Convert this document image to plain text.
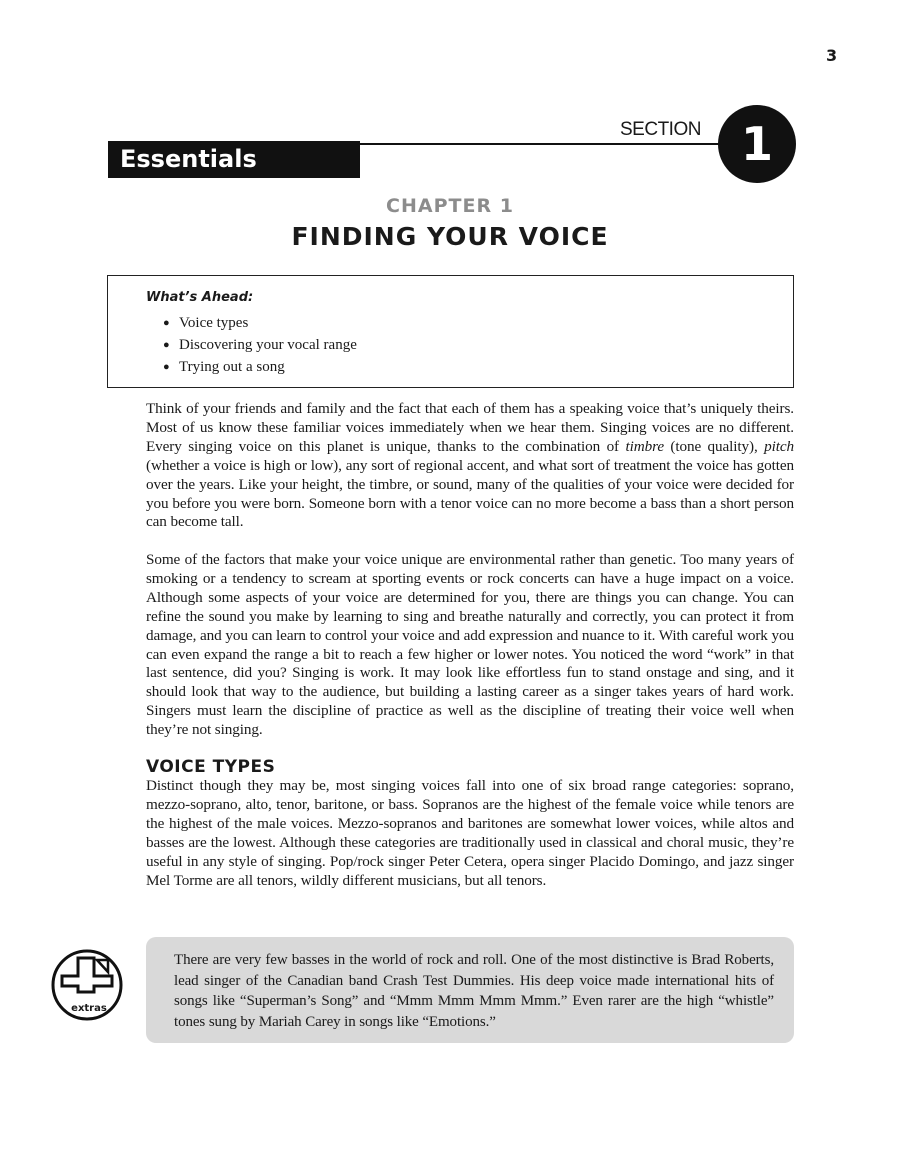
3
SECTION 1
Essentials
CHAPTER 1
FINDING YOUR VOICE
What’s Ahead:
● Voice types
● Discovering your vocal range
● Trying out a song

Think of your friends and family and the fact that each of them has a speaking voice that’s uniquely theirs. Most of us know these familiar voices immediately when we hear them. Singing voices are no different. Every singing voice on this planet is unique, thanks to the combination of timbre (tone quality), pitch (whether a voice is high or low), any sort of regional accent, and what sort of treatment the voice has gotten over the years. Like your height, the timbre, or sound, many of the qualities of your voice were decided for you before you were born. Someone born with a tenor voice can no more become a bass than a short person can become tall.

Some of the factors that make your voice unique are environmental rather than genetic. Too many years of smoking or a tendency to scream at sporting events or rock concerts can have a huge impact on a voice. Although some aspects of your voice are determined for you, there are things you can change. You can refine the sound you make by learning to sing and breathe naturally and correctly, you can protect it from damage, and you can learn to control your voice and add expression and nuance to it. With careful work you can even expand the range a bit to reach a few higher or lower notes. You noticed the word “work” in that last sentence, did you? Singing is work. It may look like effortless fun to stand onstage and sing, and it should look that way to the audience, but building a lasting career as a singer takes years of hard work. Singers must learn the discipline of practice as well as the discipline of treating their voice well when they’re not singing.

VOICE TYPES

Distinct though they may be, most singing voices fall into one of six broad range categories: soprano, mezzo-soprano, alto, tenor, baritone, or bass. Sopranos are the highest of the female voice while tenors are the highest of the male voices. Mezzo-sopranos and baritones are somewhat lower voices, while altos and basses are the lowest. Although these categories are traditionally used in classical and choral music, they’re useful in any style of singing. Pop/rock singer Peter Cetera, opera singer Placido Domingo, and jazz singer Mel Torme are all tenors, wildly different musicians, but all tenors.

extras

There are very few basses in the world of rock and roll. One of the most distinctive is Brad Roberts, lead singer of the Canadian band Crash Test Dummies. His deep voice made international hits of songs like “Superman’s Song” and “Mmm Mmm Mmm Mmm.” Even rarer are the high “whistle” tones sung by Mariah Carey in songs like “Emotions.”
